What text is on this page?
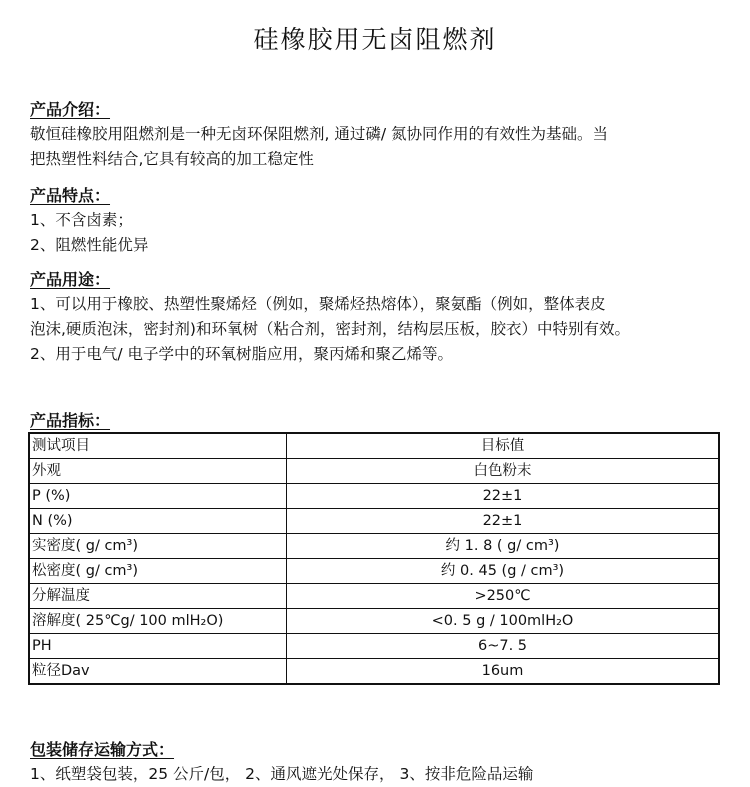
硅橡胶用无卤阻燃剂
产品介绍：
敬恒硅橡胶用阻燃剂是一种无卤环保阻燃剂, 通过磷/ 氮协同作用的有效性为基础。当
把热塑性料结合,它具有较高的加工稳定性
产品特点：
1、不含卤素；
2、阻燃性能优异
产品用途：
1、可以用于橡胶、热塑性聚烯烃（例如，聚烯烃热熔体），聚氨酯（例如，整体表皮
泡沫,硬质泡沫，密封剂)和环氧树（粘合剂，密封剂，结构层压板，胶衣）中特别有效。
2、用于电气/ 电子学中的环氧树脂应用，聚丙烯和聚乙烯等。
产品指标：
测试项目	目标值
外观	白色粉末
P (%)	22±1
N (%)	22±1
实密度( g/ cm³)	约 1. 8 ( g/ cm³)
松密度( g/ cm³)	约 0. 45 (g / cm³)
分解温度	>250℃
溶解度( 25℃g/ 100 mlH₂O)	<0. 5 g / 100mlH₂O
PH	6~7. 5
粒径Dav	16um
包装储存运输方式：
1、纸塑袋包装，25 公斤/包， 2、通风遮光处保存， 3、按非危险品运输
